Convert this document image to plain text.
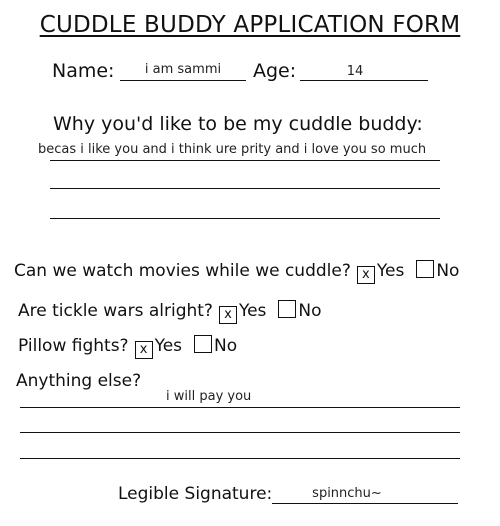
CUDDLE BUDDY APPLICATION FORM
Name:	i am sammi	Age:	14
Why you'd like to be my cuddle buddy:
becas i like you and i think ure prity and i love you so much
Can we watch movies while we cuddle? x Yes No
Are tickle wars alright? x Yes No
Pillow fights? x Yes No
Anything else?
i will pay you
Legible Signature:	spinnchu~
